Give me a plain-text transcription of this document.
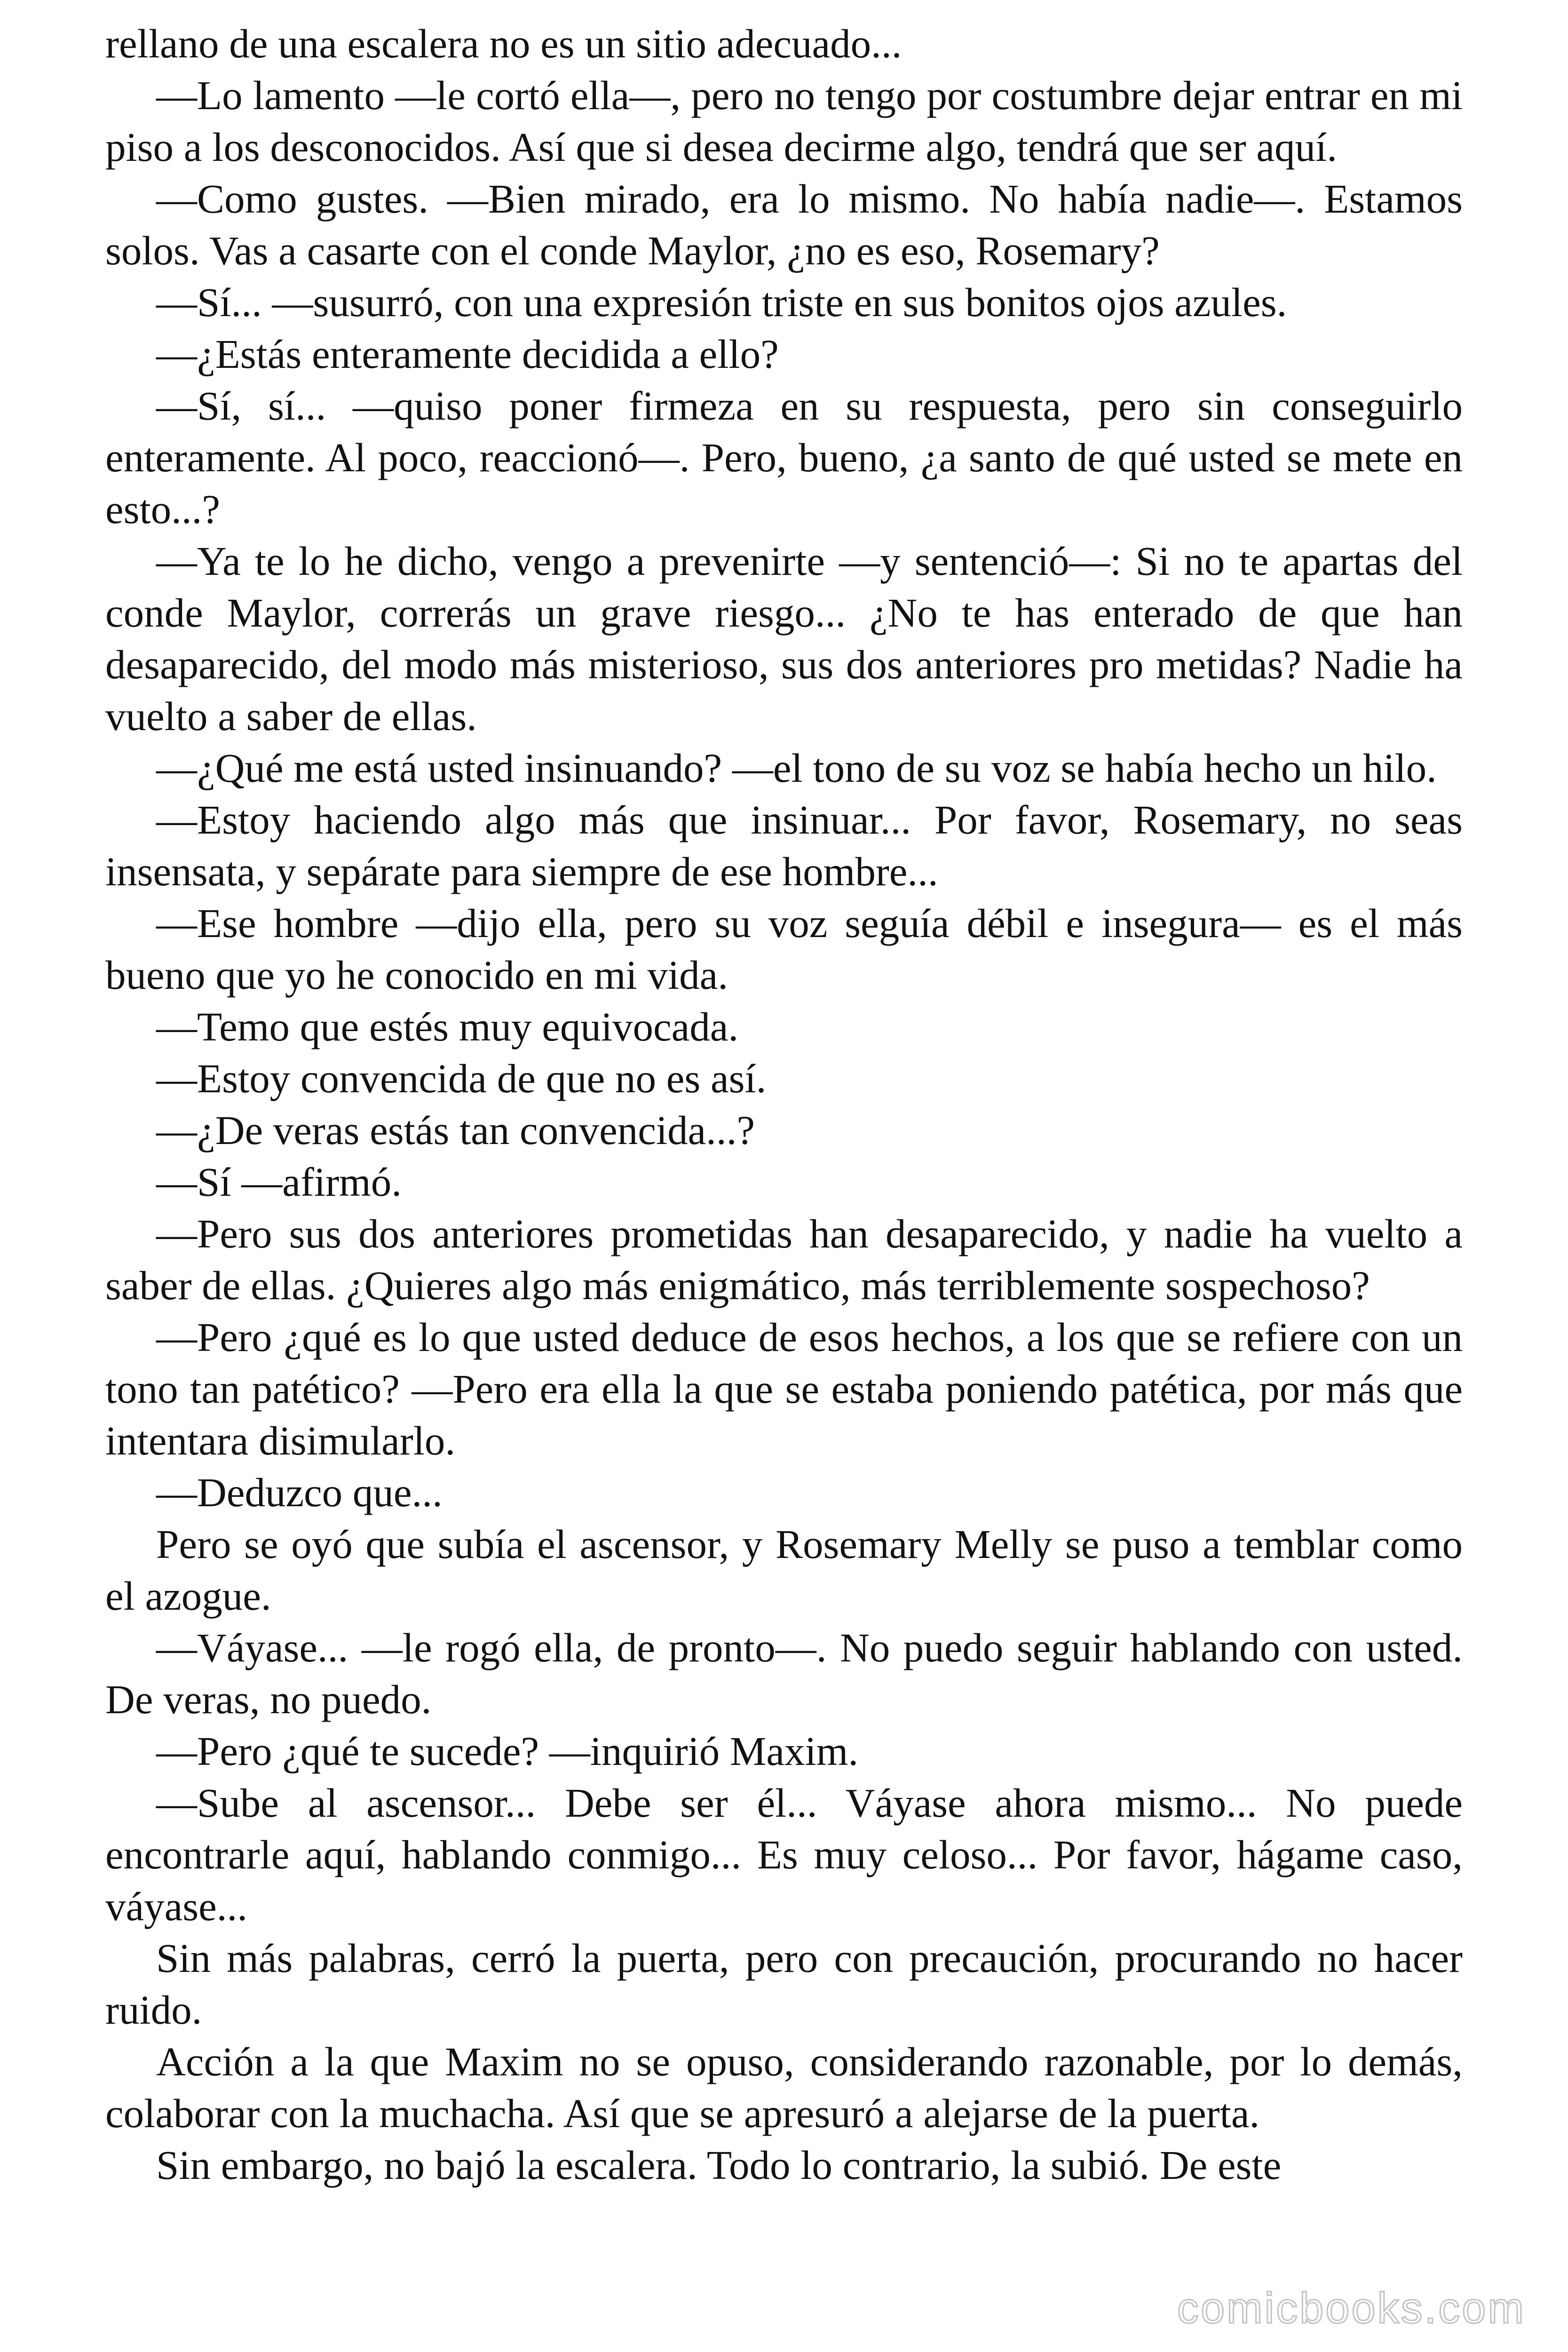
rellano de una escalera no es un sitio adecuado...

—Lo lamento —le cortó ella—, pero no tengo por costumbre dejar entrar en mi piso a los desconocidos. Así que si desea decirme algo, tendrá que ser aquí.

—Como gustes. —Bien mirado, era lo mismo. No había nadie—. Estamos solos. Vas a casarte con el conde Maylor, ¿no es eso, Rosemary?

—Sí... —susurró, con una expresión triste en sus bonitos ojos azules.

—¿Estás enteramente decidida a ello?

—Sí, sí... —quiso poner firmeza en su respuesta, pero sin conseguirlo enteramente. Al poco, reaccionó—. Pero, bueno, ¿a santo de qué usted se mete en esto...?

—Ya te lo he dicho, vengo a prevenirte —y sentenció—: Si no te apartas del conde Maylor, correrás un grave riesgo... ¿No te has enterado de que han desaparecido, del modo más misterioso, sus dos anteriores pro metidas? Nadie ha vuelto a saber de ellas.

—¿Qué me está usted insinuando? —el tono de su voz se había hecho un hilo.

—Estoy haciendo algo más que insinuar... Por favor, Rosemary, no seas insensata, y sepárate para siempre de ese hombre...

—Ese hombre —dijo ella, pero su voz seguía débil e insegura— es el más bueno que yo he conocido en mi vida.

—Temo que estés muy equivocada.

—Estoy convencida de que no es así.

—¿De veras estás tan convencida...?

—Sí —afirmó.

—Pero sus dos anteriores prometidas han desaparecido, y nadie ha vuelto a saber de ellas. ¿Quieres algo más enigmático, más terriblemente sospechoso?

—Pero ¿qué es lo que usted deduce de esos hechos, a los que se refiere con un tono tan patético? —Pero era ella la que se estaba poniendo patética, por más que intentara disimularlo.

—Deduzco que...

Pero se oyó que subía el ascensor, y Rosemary Melly se puso a temblar como el azogue.

—Váyase... —le rogó ella, de pronto—. No puedo seguir hablando con usted. De veras, no puedo.

—Pero ¿qué te sucede? —inquirió Maxim.

—Sube al ascensor... Debe ser él... Váyase ahora mismo... No puede encontrarle aquí, hablando conmigo... Es muy celoso... Por favor, hágame caso, váyase...

Sin más palabras, cerró la puerta, pero con precaución, procurando no hacer ruido.

Acción a la que Maxim no se opuso, considerando razonable, por lo demás, colaborar con la muchacha. Así que se apresuró a alejarse de la puerta.

Sin embargo, no bajó la escalera. Todo lo contrario, la subió. De este

comicbooks.com
